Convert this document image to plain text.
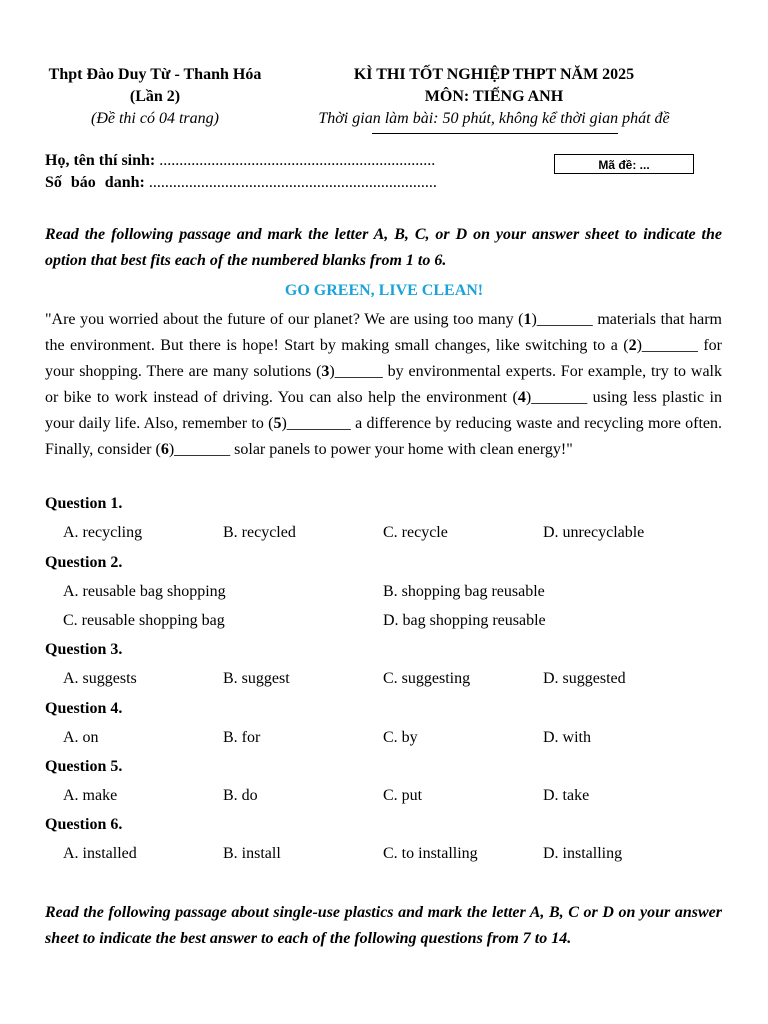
Thpt Đào Duy Từ - Thanh Hóa
(Lần 2)
(Đề thi có 04 trang)
KÌ THI TỐT NGHIỆP THPT NĂM 2025
MÔN: TIẾNG ANH
Thời gian làm bài: 50 phút, không kể thời gian phát đề
Họ, tên thí sinh: .....................................................................
Số báo danh: ........................................................................
Mã đề: ...
Read the following passage and mark the letter A, B, C, or D on your answer sheet to indicate the option that best fits each of the numbered blanks from 1 to 6.
GO GREEN, LIVE CLEAN!
"Are you worried about the future of our planet? We are using too many (1)_______ materials that harm the environment. But there is hope! Start by making small changes, like switching to a (2)_______ for your shopping. There are many solutions (3)______ by environmental experts. For example, try to walk or bike to work instead of driving. You can also help the environment (4)_______ using less plastic in your daily life. Also, remember to (5)________ a difference by reducing waste and recycling more often. Finally, consider (6)_______ solar panels to power your home with clean energy!"
Question 1.
A. recycling	B. recycled	C. recycle	D. unrecyclable
Question 2.
A. reusable bag shopping	B. shopping bag reusable
C. reusable shopping bag	D. bag shopping reusable
Question 3.
A. suggests	B. suggest	C. suggesting	D. suggested
Question 4.
A. on	B. for	C. by	D. with
Question 5.
A. make	B. do	C. put	D. take
Question 6.
A. installed	B. install	C. to installing	D. installing
Read the following passage about single-use plastics and mark the letter A, B, C or D on your answer sheet to indicate the best answer to each of the following questions from 7 to 14.
